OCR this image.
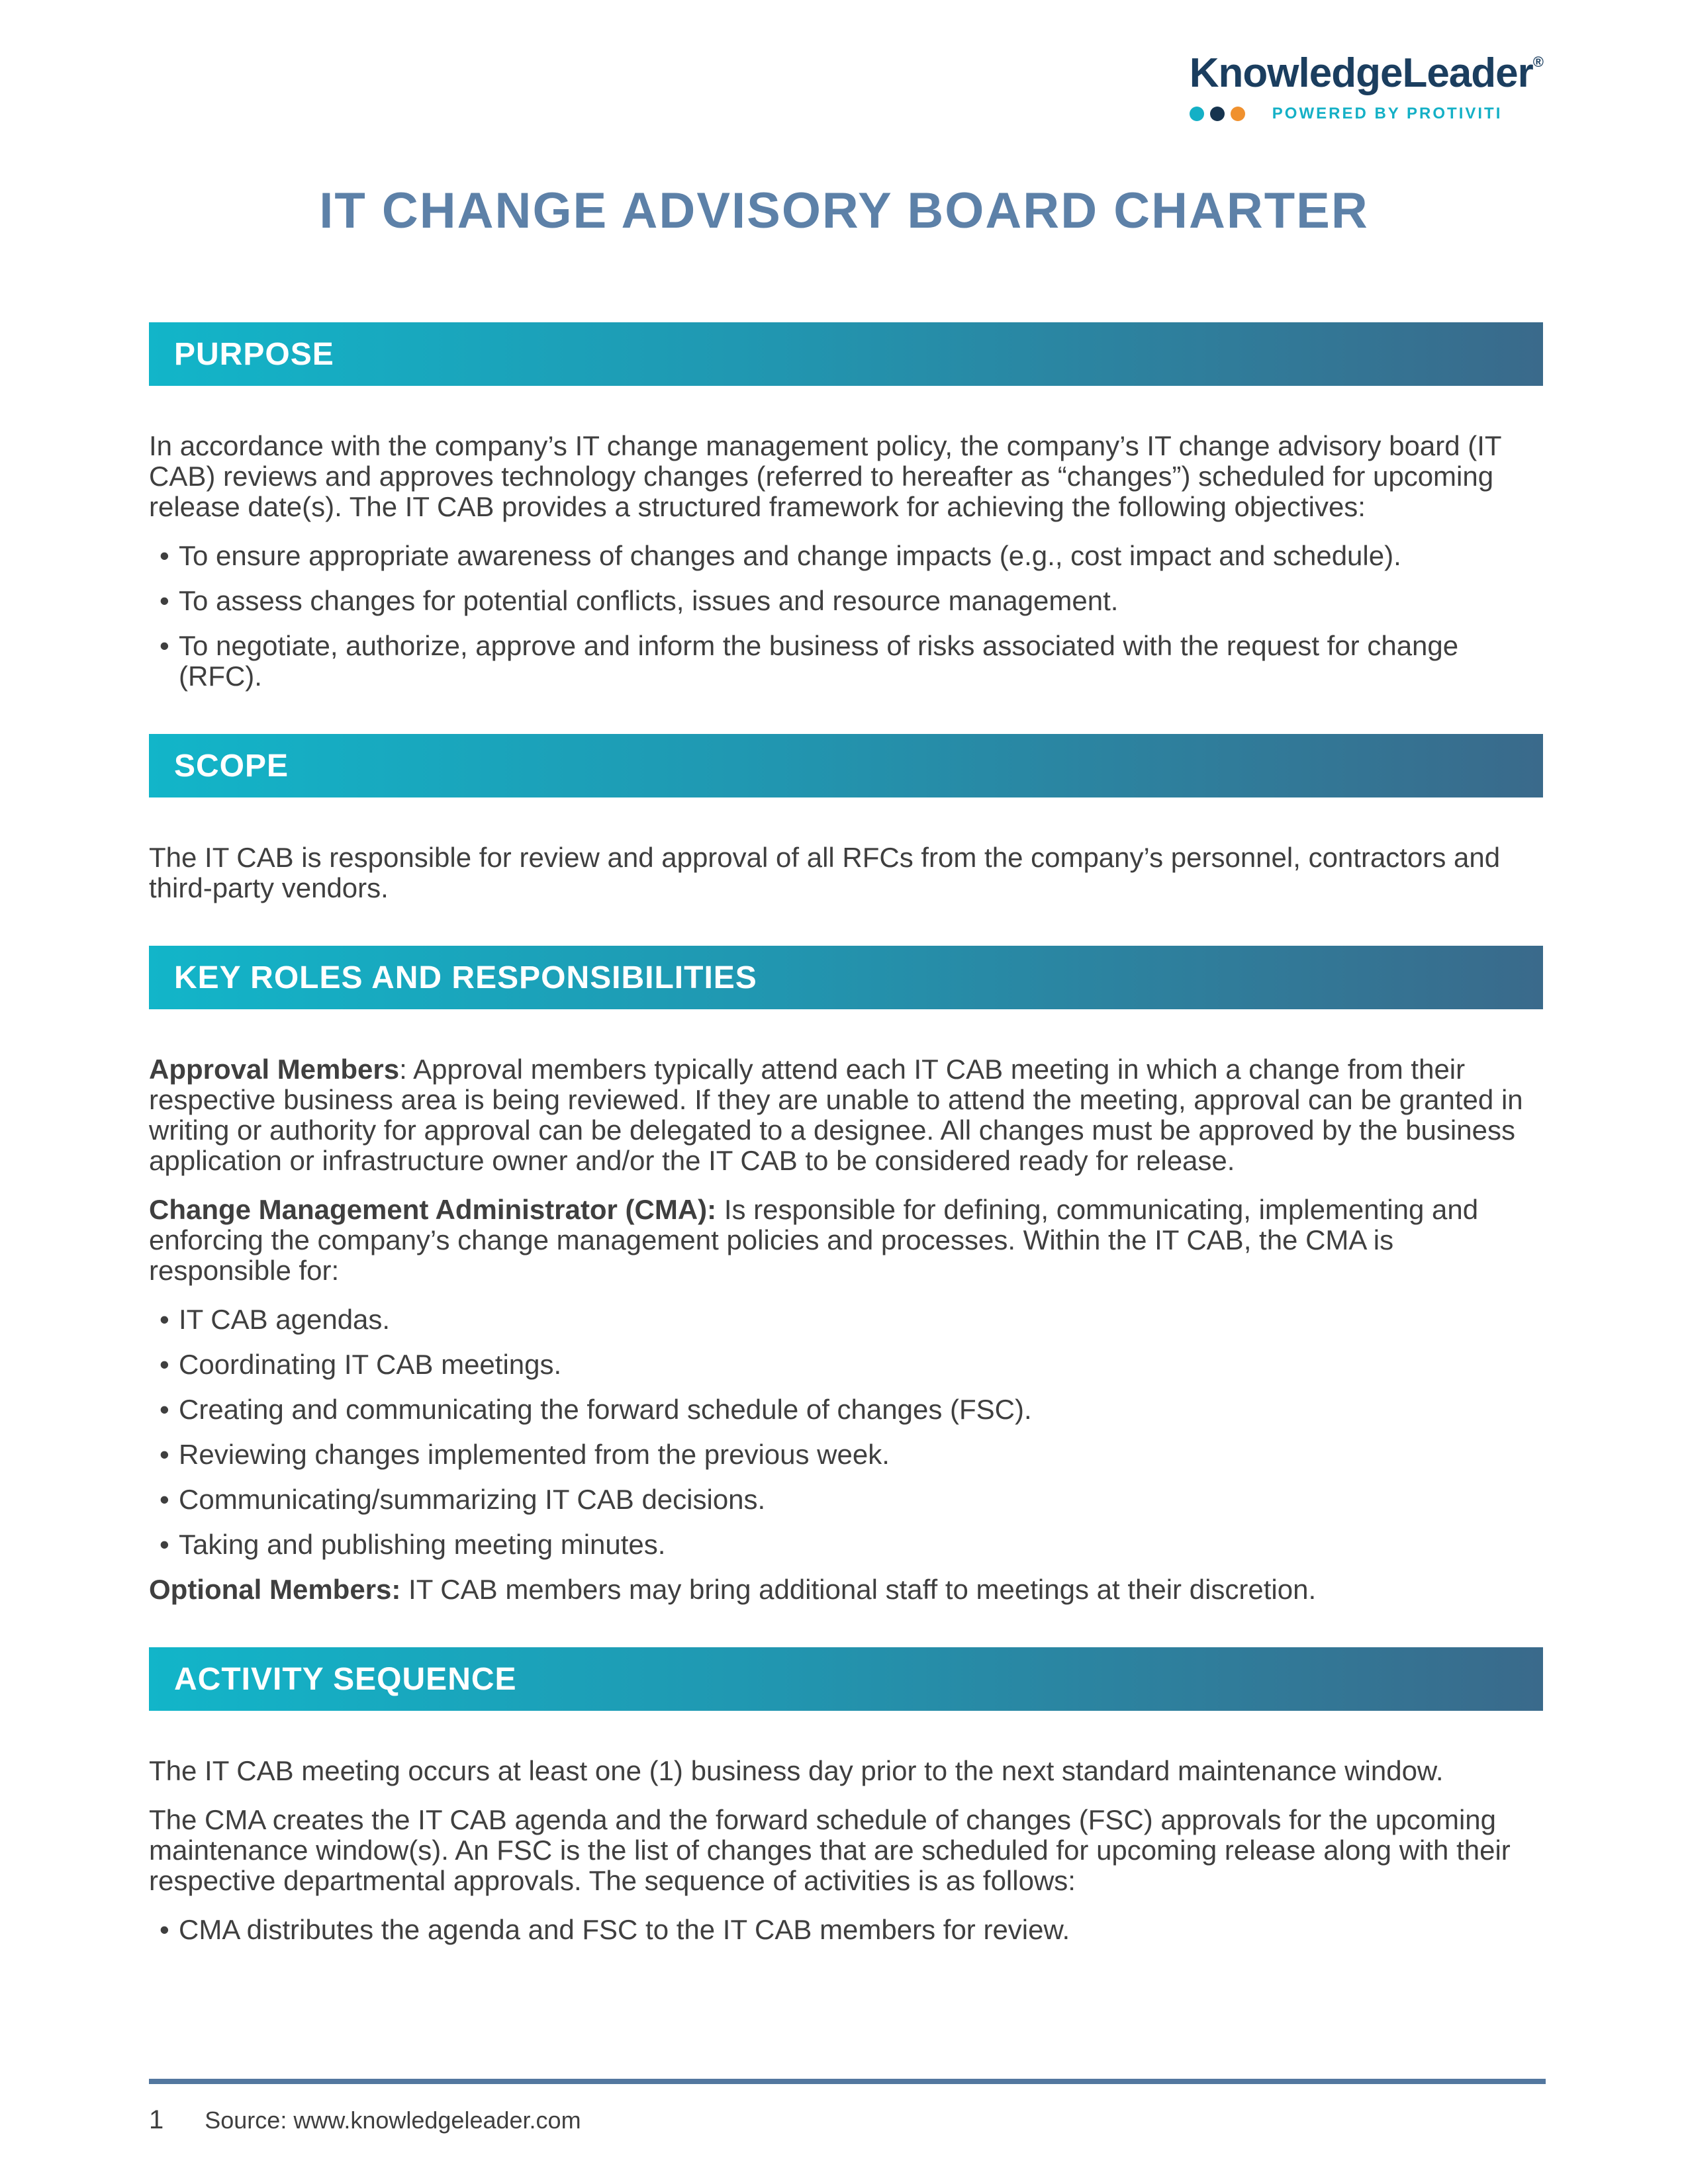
KnowledgeLeader®
POWERED BY PROTIVITI
IT CHANGE ADVISORY BOARD CHARTER
PURPOSE

In accordance with the company’s IT change management policy, the company’s IT change advisory board (IT CAB) reviews and approves technology changes (referred to hereafter as “changes”) scheduled for upcoming release date(s). The IT CAB provides a structured framework for achieving the following objectives:

• To ensure appropriate awareness of changes and change impacts (e.g., cost impact and schedule).
• To assess changes for potential conflicts, issues and resource management.
• To negotiate, authorize, approve and inform the business of risks associated with the request for change (RFC).
SCOPE

The IT CAB is responsible for review and approval of all RFCs from the company’s personnel, contractors and third-party vendors.

KEY ROLES AND RESPONSIBILITIES

Approval Members: Approval members typically attend each IT CAB meeting in which a change from their respective business area is being reviewed. If they are unable to attend the meeting, approval can be granted in writing or authority for approval can be delegated to a designee. All changes must be approved by the business application or infrastructure owner and/or the IT CAB to be considered ready for release.

Change Management Administrator (CMA): Is responsible for defining, communicating, implementing and enforcing the company’s change management policies and processes. Within the IT CAB, the CMA is responsible for:

• IT CAB agendas.
• Coordinating IT CAB meetings.
• Creating and communicating the forward schedule of changes (FSC).
• Reviewing changes implemented from the previous week.
• Communicating/summarizing IT CAB decisions.
• Taking and publishing meeting minutes.

Optional Members: IT CAB members may bring additional staff to meetings at their discretion.

ACTIVITY SEQUENCE

The IT CAB meeting occurs at least one (1) business day prior to the next standard maintenance window.

The CMA creates the IT CAB agenda and the forward schedule of changes (FSC) approvals for the upcoming maintenance window(s). An FSC is the list of changes that are scheduled for upcoming release along with their respective departmental approvals. The sequence of activities is as follows:

• CMA distributes the agenda and FSC to the IT CAB members for review.
1 Source: www.knowledgeleader.com
